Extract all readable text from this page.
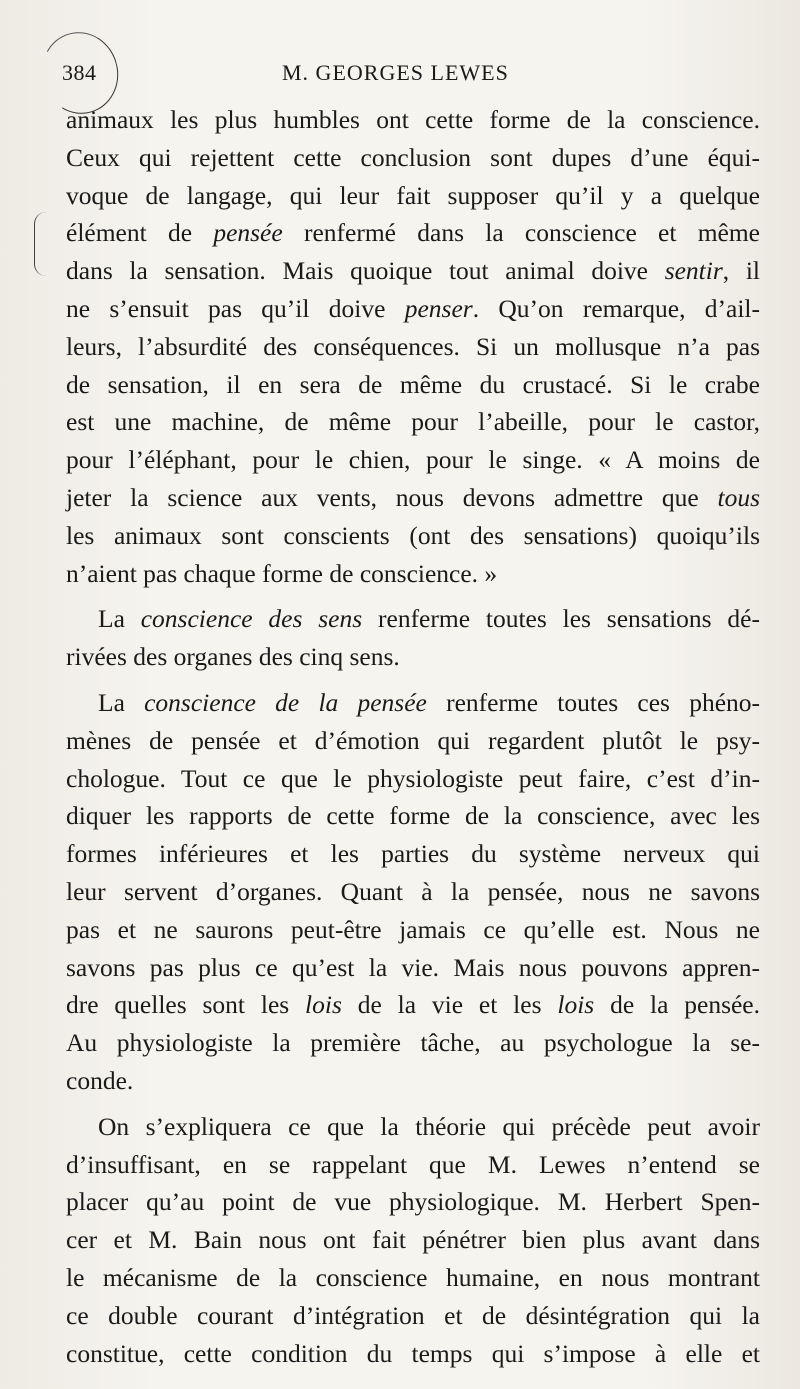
384	M. GEORGES LEWES
animaux les plus humbles ont cette forme de la conscience.
Ceux qui rejettent cette conclusion sont dupes d’une équi-
voque de langage, qui leur fait supposer qu’il y a quelque
élément de pensée renfermé dans la conscience et même
dans la sensation. Mais quoique tout animal doive sentir, il
ne s’ensuit pas qu’il doive penser. Qu’on remarque, d’ail-
leurs, l’absurdité des conséquences. Si un mollusque n’a pas
de sensation, il en sera de même du crustacé. Si le crabe
est une machine, de même pour l’abeille, pour le castor,
pour l’éléphant, pour le chien, pour le singe. « A moins de
jeter la science aux vents, nous devons admettre que tous
les animaux sont conscients (ont des sensations) quoiqu’ils
n’aient pas chaque forme de conscience. »
La conscience des sens renferme toutes les sensations dé-
rivées des organes des cinq sens.
La conscience de la pensée renferme toutes ces phéno-
mènes de pensée et d’émotion qui regardent plutôt le psy-
chologue. Tout ce que le physiologiste peut faire, c’est d’in-
diquer les rapports de cette forme de la conscience, avec les
formes inférieures et les parties du système nerveux qui
leur servent d’organes. Quant à la pensée, nous ne savons
pas et ne saurons peut-être jamais ce qu’elle est. Nous ne
savons pas plus ce qu’est la vie. Mais nous pouvons appren-
dre quelles sont les lois de la vie et les lois de la pensée.
Au physiologiste la première tâche, au psychologue la se-
conde.
On s’expliquera ce que la théorie qui précède peut avoir
d’insuffisant, en se rappelant que M. Lewes n’entend se
placer qu’au point de vue physiologique. M. Herbert Spen-
cer et M. Bain nous ont fait pénétrer bien plus avant dans
le mécanisme de la conscience humaine, en nous montrant
ce double courant d’intégration et de désintégration qui la
constitue, cette condition du temps qui s’impose à elle et
